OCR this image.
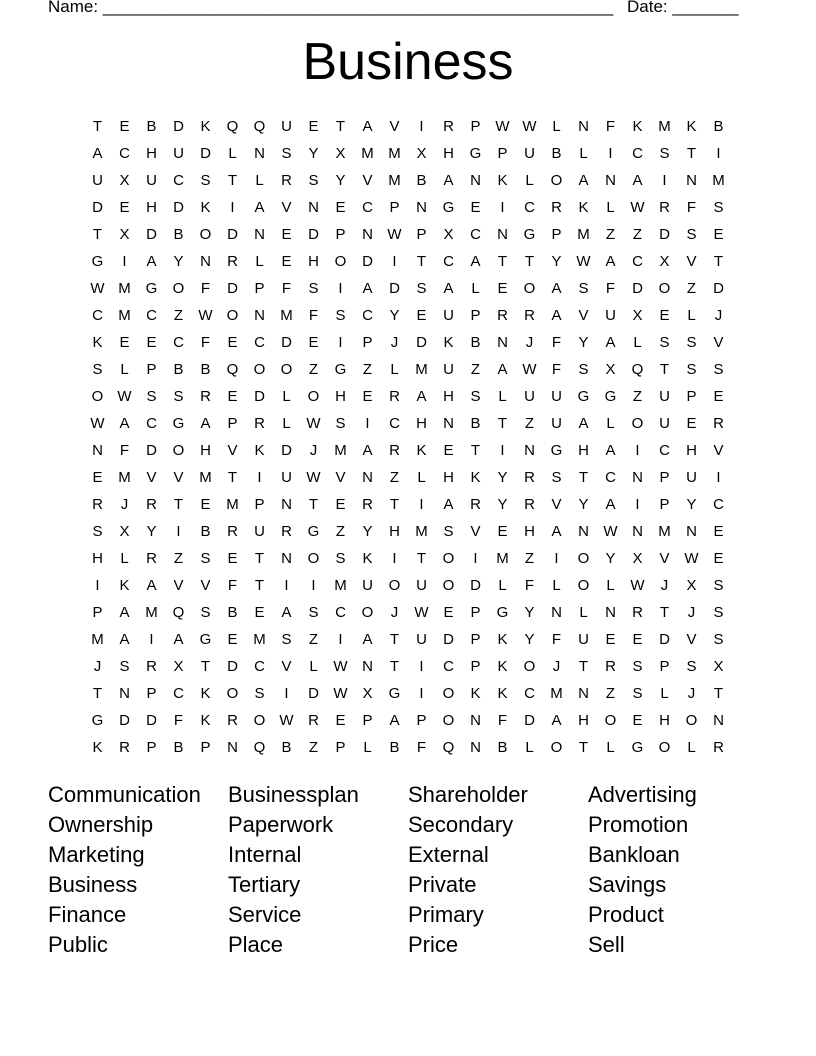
Name: ______________________________________________________ Date: _______
Business
T	E	B	D	K	Q	Q	U	E	T	A	V	I	R	P W W	L	N	F	K	M	K	B
A	C	H	U	D	L	N	S	Y	X	M M	X	H	G	P	U	B	L	I	C	S	T	I
U	X	U	C	S	T	L	R	S	Y	V	M	B	A	N	K	L	O	A	N	A	I	N	M
D	E	H	D	K	I	A	V	N	E	C	P	N	G	E	I	C	R	K	L	W R	F	S
T	X	D	B	O	D	N	E	D	P	N W P	X	C	N	G	P	M	Z	Z	D	S	E
G	I	A	Y	N	R	L	E	H	O	D	I	T	C	A	T	T	Y W A	C	X	V	T
W M G	O	F	D	P	F	S	I	A	D	S	A	L	E	O	A	S	F	D	O	Z	D
C	M	C	Z	W O	N	M	F	S	C	Y	E	U	P	R	R	A	V	U	X	E	L	J
K	E	E	C	F	E	C	D	E	I	P	J	D	K	B	N	J	F	Y	A	L	S	S	V
S	L	P	B	B	Q	O	O	Z	G	Z	L	M	U	Z	A W	F	S	X	Q	T	S	S
O W S	S	R	E	D	L	O	H	E	R	A	H	S	L	U	U	G	G	Z	U	P	E
W A	C	G	A	P	R	L	W S	I	C	H	N	B	T	Z	U	A	L	O	U	E	R
N	F	D	O	H	V	K	D	J	M	A	R	K	E	T	I	N	G	H	A	I	C	H	V
E	M	V	V	M	T	I	U W V	N	Z	L	H	K	Y	R	S	T	C	N	P	U	I
R	J	R	T	E	M	P	N	T	E	R	T	I	A	R	Y	R	V	Y	A	I	P	Y	C
S	X	Y	I	B	R	U	R	G	Z	Y	H	M	S	V	E	H	A	N W N	M	N	E
H	L	R	Z	S	E	T	N	O	S	K	I	T	O	I	M	Z	I	O	Y	X	V W E
I	K	A	V	V	F	T	I	I	M	U	O	U	O	D	L	F	L	O	L	W	J	X	S
P	A	M Q	S	B	E	A	S	C	O	J	W E	P	G	Y	N	L	N	R	T	J	S
M	A	I	A	G	E	M	S	Z	I	A	T	U	D	P	K	Y	F	U	E	E	D	V	S
J	S	R	X	T	D	C	V	L	W N	T	I	C	P	K	O	J	T	R	S	P	S	X
T	N	P	C	K	O	S	I	D W X	G	I	O	K	K	C	M	N	Z	S	L	J	T
G	D	D	F	K	R	O W R	E	P	A	P	O	N	F	D	A	H	O	E	H	O	N
K	R	P	B	P	N	Q	B	Z	P	L	B	F	Q	N	B	L	O	T	L	G	O	L	R
Communication	Businessplan	Shareholder	Advertising
Ownership	Paperwork	Secondary	Promotion
Marketing	Internal	External	Bankloan
Business	Tertiary	Private	Savings
Finance	Service	Primary	Product
Public	Place	Price	Sell
